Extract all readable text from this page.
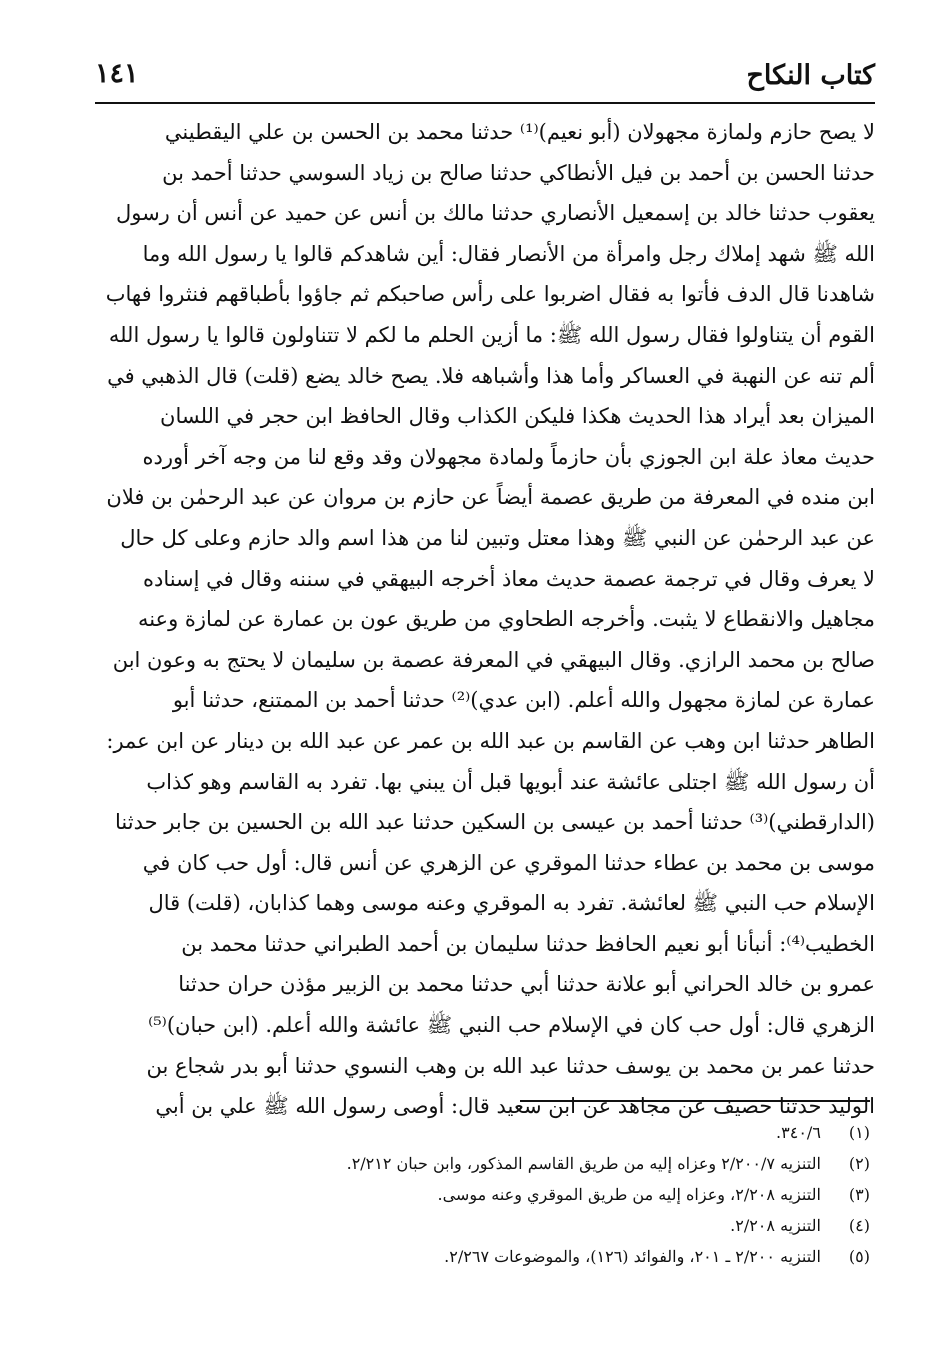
كتاب النكاح
١٤١
لا يصح حازم ولمازة مجهولان (أبو نعيم)⁽¹⁾ حدثنا محمد بن الحسن بن علي اليقطيني
حدثنا الحسن بن أحمد بن فيل الأنطاكي حدثنا صالح بن زياد السوسي حدثنا أحمد بن
يعقوب حدثنا خالد بن إسمعيل الأنصاري حدثنا مالك بن أنس عن حميد عن أنس أن رسول
الله ﷺ شهد إملاك رجل وامرأة من الأنصار فقال: أين شاهدكم قالوا يا رسول الله وما
شاهدنا قال الدف فأتوا به فقال اضربوا على رأس صاحبكم ثم جاؤوا بأطباقهم فنثروا فهاب
القوم أن يتناولوا فقال رسول الله ﷺ: ما أزين الحلم ما لكم لا تتناولون قالوا يا رسول الله
ألم تنه عن النهبة في العساكر وأما هذا وأشباهه فلا. يصح خالد يضع (قلت) قال الذهبي في
الميزان بعد أيراد هذا الحديث هكذا فليكن الكذاب وقال الحافظ ابن حجر في اللسان
حديث معاذ علة ابن الجوزي بأن حازماً ولمادة مجهولان وقد وقع لنا من وجه آخر أورده
ابن منده في المعرفة من طريق عصمة أيضاً عن حازم بن مروان عن عبد الرحمٰن بن فلان
عن عبد الرحمٰن عن النبي ﷺ وهذا معتل وتبين لنا من هذا اسم والد حازم وعلى كل حال
لا يعرف وقال في ترجمة عصمة حديث معاذ أخرجه البيهقي في سننه وقال في إسناده
مجاهيل والانقطاع لا يثبت. وأخرجه الطحاوي من طريق عون بن عمارة عن لمازة وعنه
صالح بن محمد الرازي. وقال البيهقي في المعرفة عصمة بن سليمان لا يحتج به وعون ابن
عمارة عن لمازة مجهول والله أعلم. (ابن عدي)⁽²⁾ حدثنا أحمد بن الممتنع، حدثنا أبو
الطاهر حدثنا ابن وهب عن القاسم بن عبد الله بن عمر عن عبد الله بن دينار عن ابن عمر:
أن رسول الله ﷺ اجتلى عائشة عند أبويها قبل أن يبني بها. تفرد به القاسم وهو كذاب
(الدارقطني)⁽³⁾ حدثنا أحمد بن عيسى بن السكين حدثنا عبد الله بن الحسين بن جابر حدثنا
موسى بن محمد بن عطاء حدثنا الموقري عن الزهري عن أنس قال: أول حب كان في
الإسلام حب النبي ﷺ لعائشة. تفرد به الموقري وعنه موسى وهما كذابان، (قلت) قال
الخطيب⁽⁴⁾: أنبأنا أبو نعيم الحافظ حدثنا سليمان بن أحمد الطبراني حدثنا محمد بن
عمرو بن خالد الحراني أبو علانة حدثنا أبي حدثنا محمد بن الزبير مؤذن حران حدثنا
الزهري قال: أول حب كان في الإسلام حب النبي ﷺ عائشة والله أعلم. (ابن حبان)⁽⁵⁾
حدثنا عمر بن محمد بن يوسف حدثنا عبد الله بن وهب النسوي حدثنا أبو بدر شجاع بن
الوليد حدثنا حصيف عن مجاهد عن ابن سعيد قال: أوصى رسول الله ﷺ علي بن أبي
(١) ٣٤٠/٦.
(٢) التنزيه ٢/٢٠٠/٧ وعزاه إليه من طريق القاسم المذكور، وابن حبان ٢/٢١٢.
(٣) التنزيه ٢/٢٠٨، وعزاه إليه من طريق الموقري وعنه موسى.
(٤) التنزيه ٢/٢٠٨.
(٥) التنزيه ٢/٢٠٠ ـ ٢٠١، والفوائد (١٢٦)، والموضوعات ٢/٢٦٧.
